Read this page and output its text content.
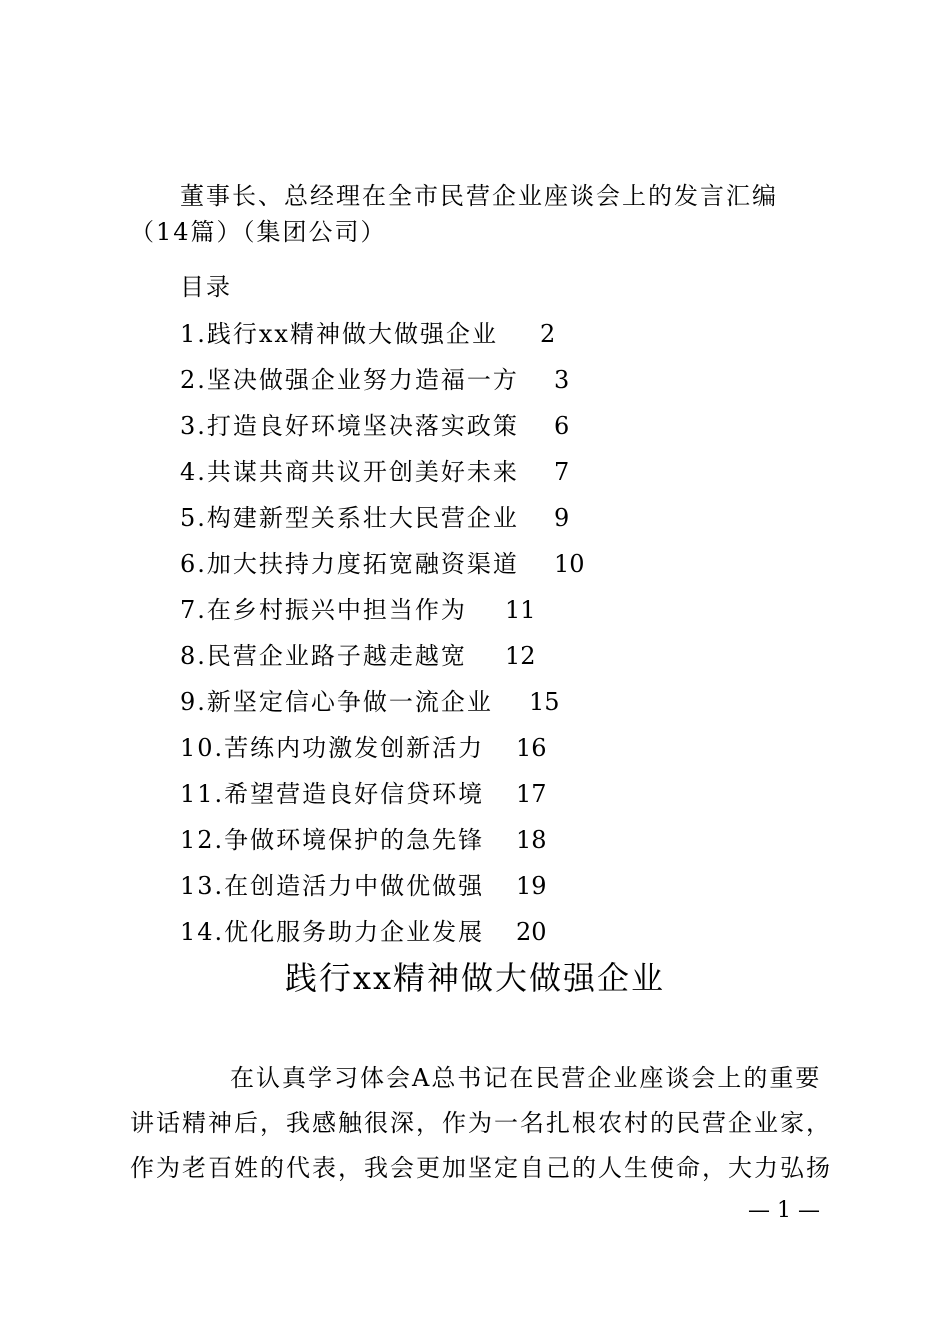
董事长、总经理在全市民营企业座谈会上的发言汇编（14篇）（集团公司）
目录
1.践行xx精神做大做强企业 2
2.坚决做强企业努力造福一方 3
3.打造良好环境坚决落实政策 6
4.共谋共商共议开创美好未来 7
5.构建新型关系壮大民营企业 9
6.加大扶持力度拓宽融资渠道 10
7.在乡村振兴中担当作为 11
8.民营企业路子越走越宽 12
9.新坚定信心争做一流企业 15
10.苦练内功激发创新活力 16
11.希望营造良好信贷环境 17
12.争做环境保护的急先锋 18
13.在创造活力中做优做强 19
14.优化服务助力企业发展 20
践行xx精神做大做强企业

在认真学习体会A总书记在民营企业座谈会上的重要
讲话精神后，我感触很深，作为一名扎根农村的民营企业家，
作为老百姓的代表，我会更加坚定自己的人生使命，大力弘扬

— 1 —
